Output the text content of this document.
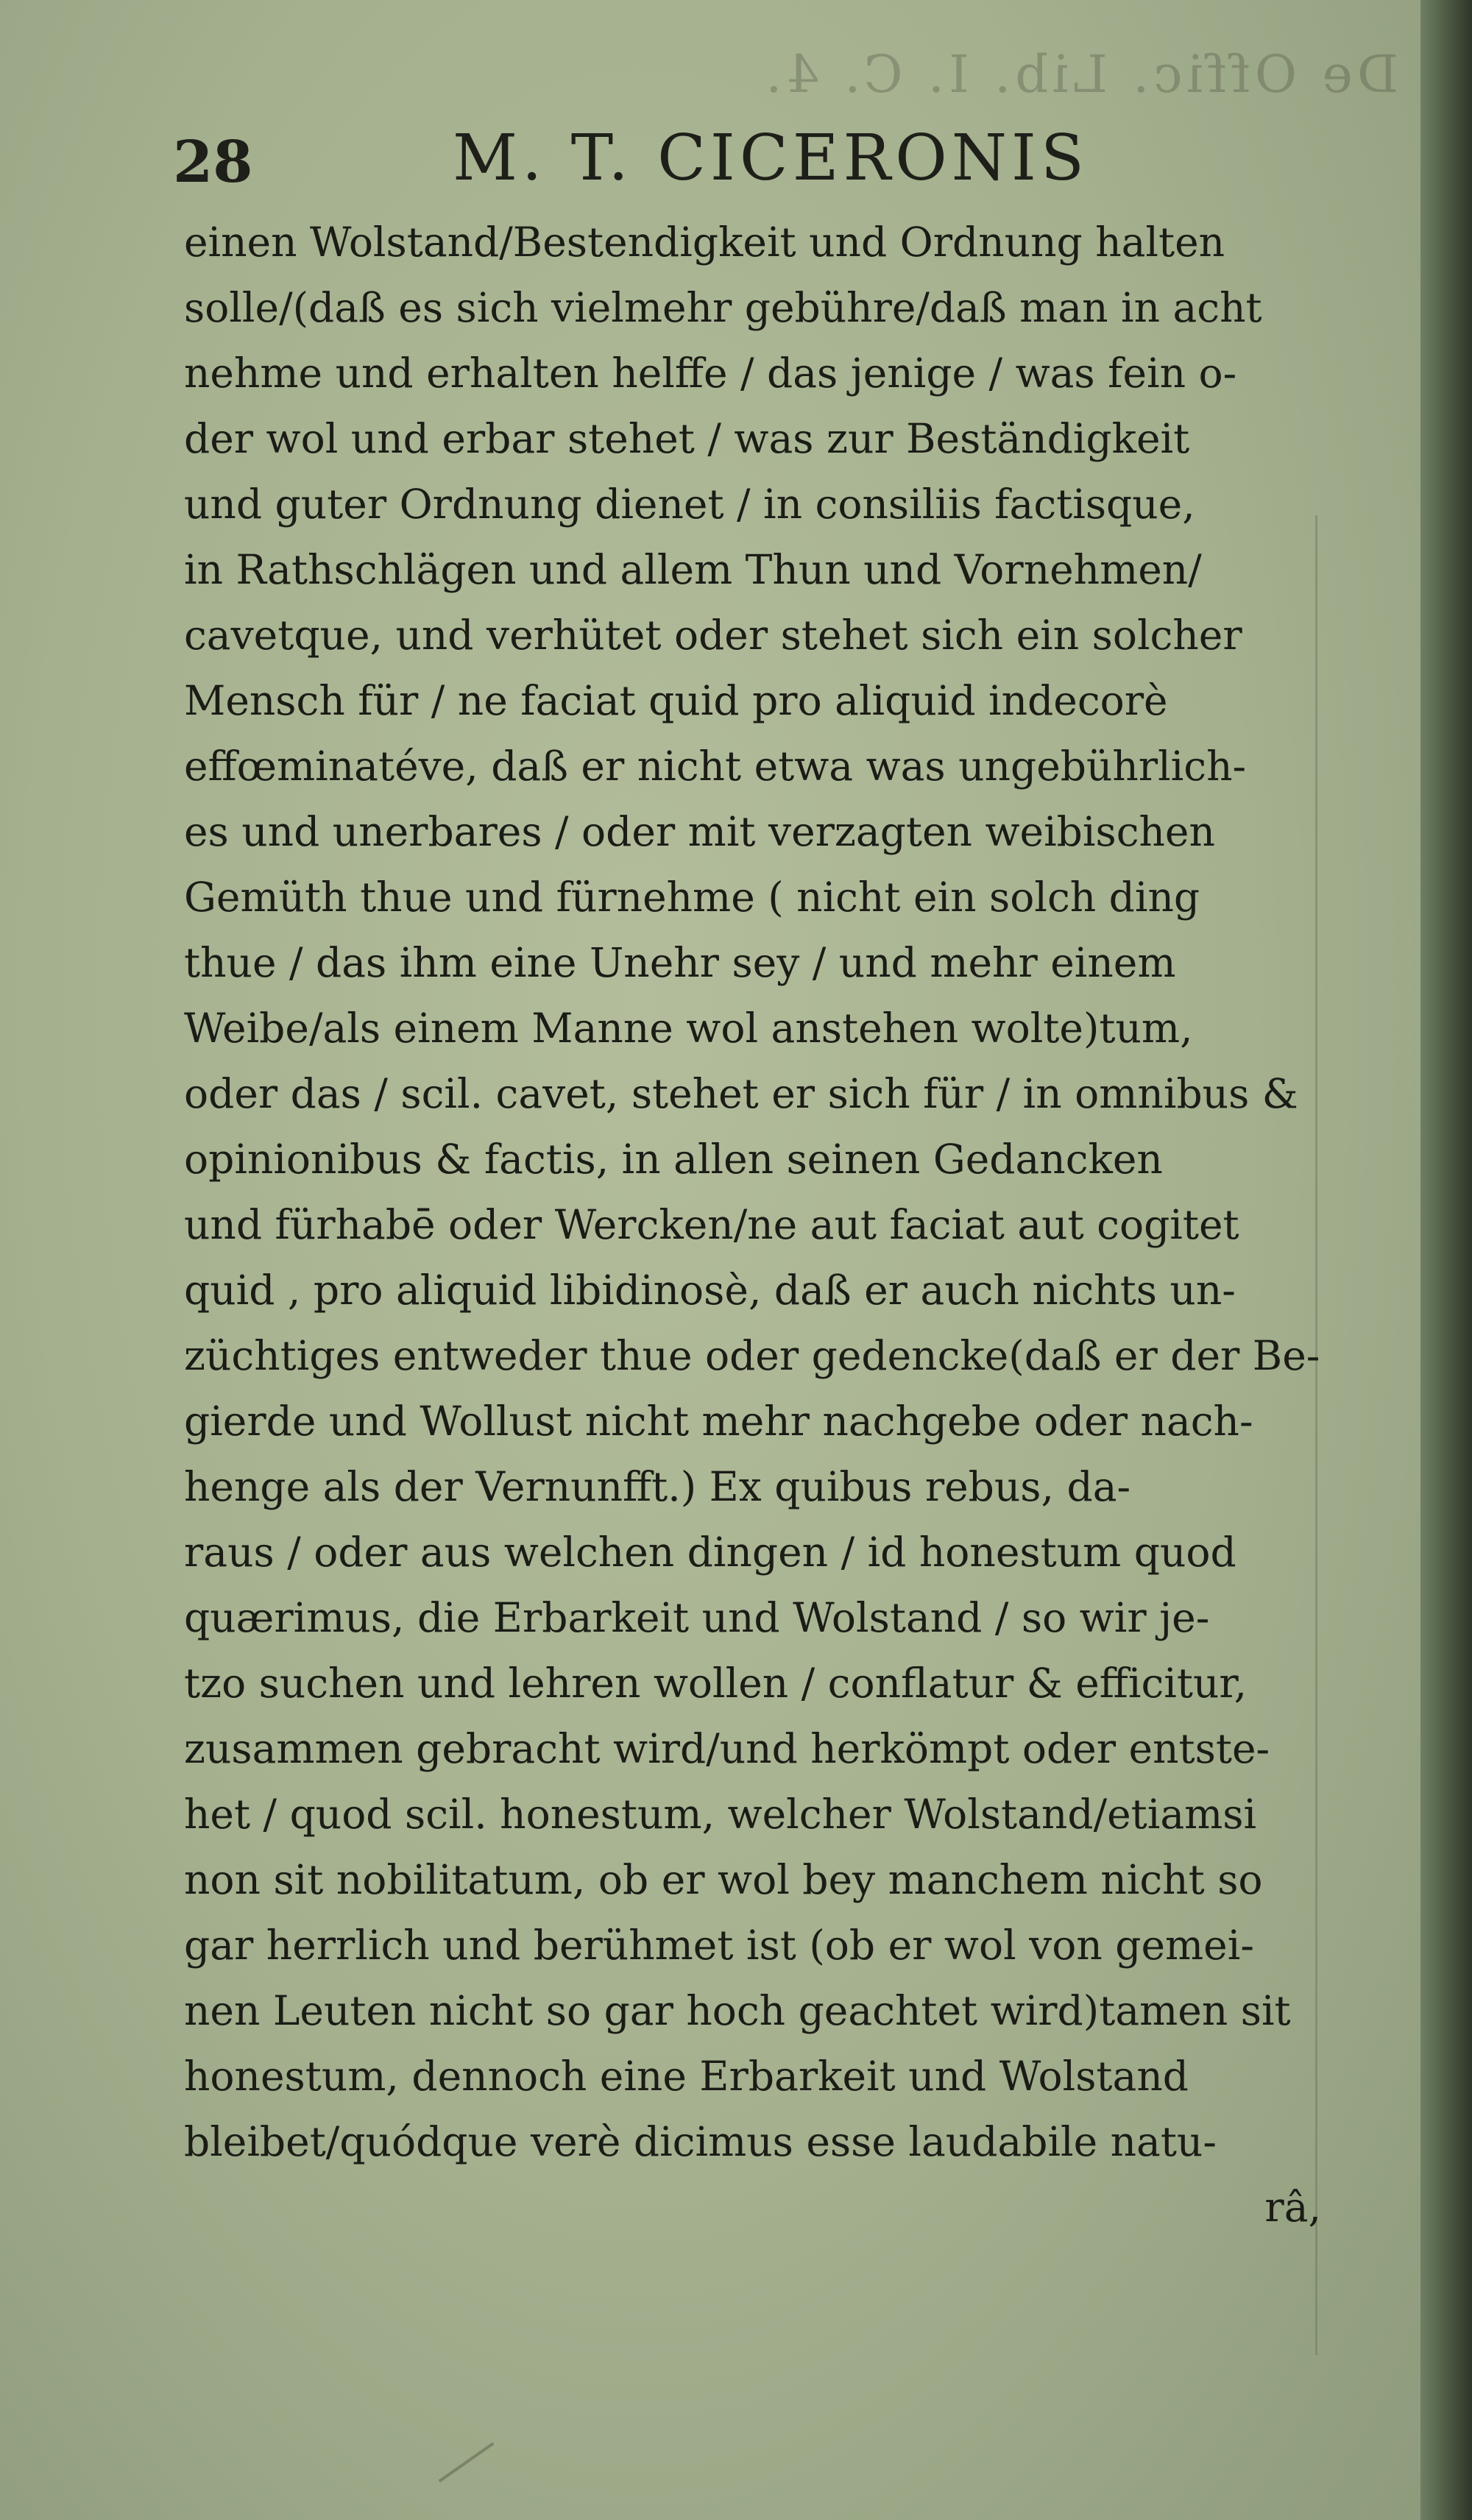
De Offic. Lib. I. C. 4.
28	M. T. CICERONIS
einen Wolstand/Bestendigkeit und Ordnung halten
solle/(daß es sich vielmehr gebühre/daß man in acht
nehme und erhalten helffe / das jenige / was fein o-
der wol und erbar stehet / was zur Beständigkeit
und guter Ordnung dienet / in consiliis factisque,
in Rathschlägen und allem Thun und Vornehmen/
cavetque, und verhütet oder stehet sich ein solcher
Mensch für / ne faciat quid pro aliquid indecorè
effœminatéve, daß er nicht etwa was ungebührlich-
es und unerbares / oder mit verzagten weibischen
Gemüth thue und fürnehme ( nicht ein solch ding
thue / das ihm eine Unehr sey / und mehr einem
Weibe/als einem Manne wol anstehen wolte)tum,
oder das / scil. cavet, stehet er sich für / in omnibus &
opinionibus & factis, in allen seinen Gedancken
und fürhabē oder Wercken/ne aut faciat aut cogitet
quid , pro aliquid libidinosè, daß er auch nichts un-
züchtiges entweder thue oder gedencke(daß er der Be-
gierde und Wollust nicht mehr nachgebe oder nach-
henge als der Vernunfft.) Ex quibus rebus, da-
raus / oder aus welchen dingen / id honestum quod
quærimus, die Erbarkeit und Wolstand / so wir je-
tzo suchen und lehren wollen / conflatur & efficitur,
zusammen gebracht wird/und herkömpt oder entste-
het / quod scil. honestum, welcher Wolstand/etiamsi
non sit nobilitatum, ob er wol bey manchem nicht so
gar herrlich und berühmet ist (ob er wol von gemei-
nen Leuten nicht so gar hoch geachtet wird)tamen sit
honestum, dennoch eine Erbarkeit und Wolstand
bleibet/quódque verè dicimus esse laudabile natu-
râ,
